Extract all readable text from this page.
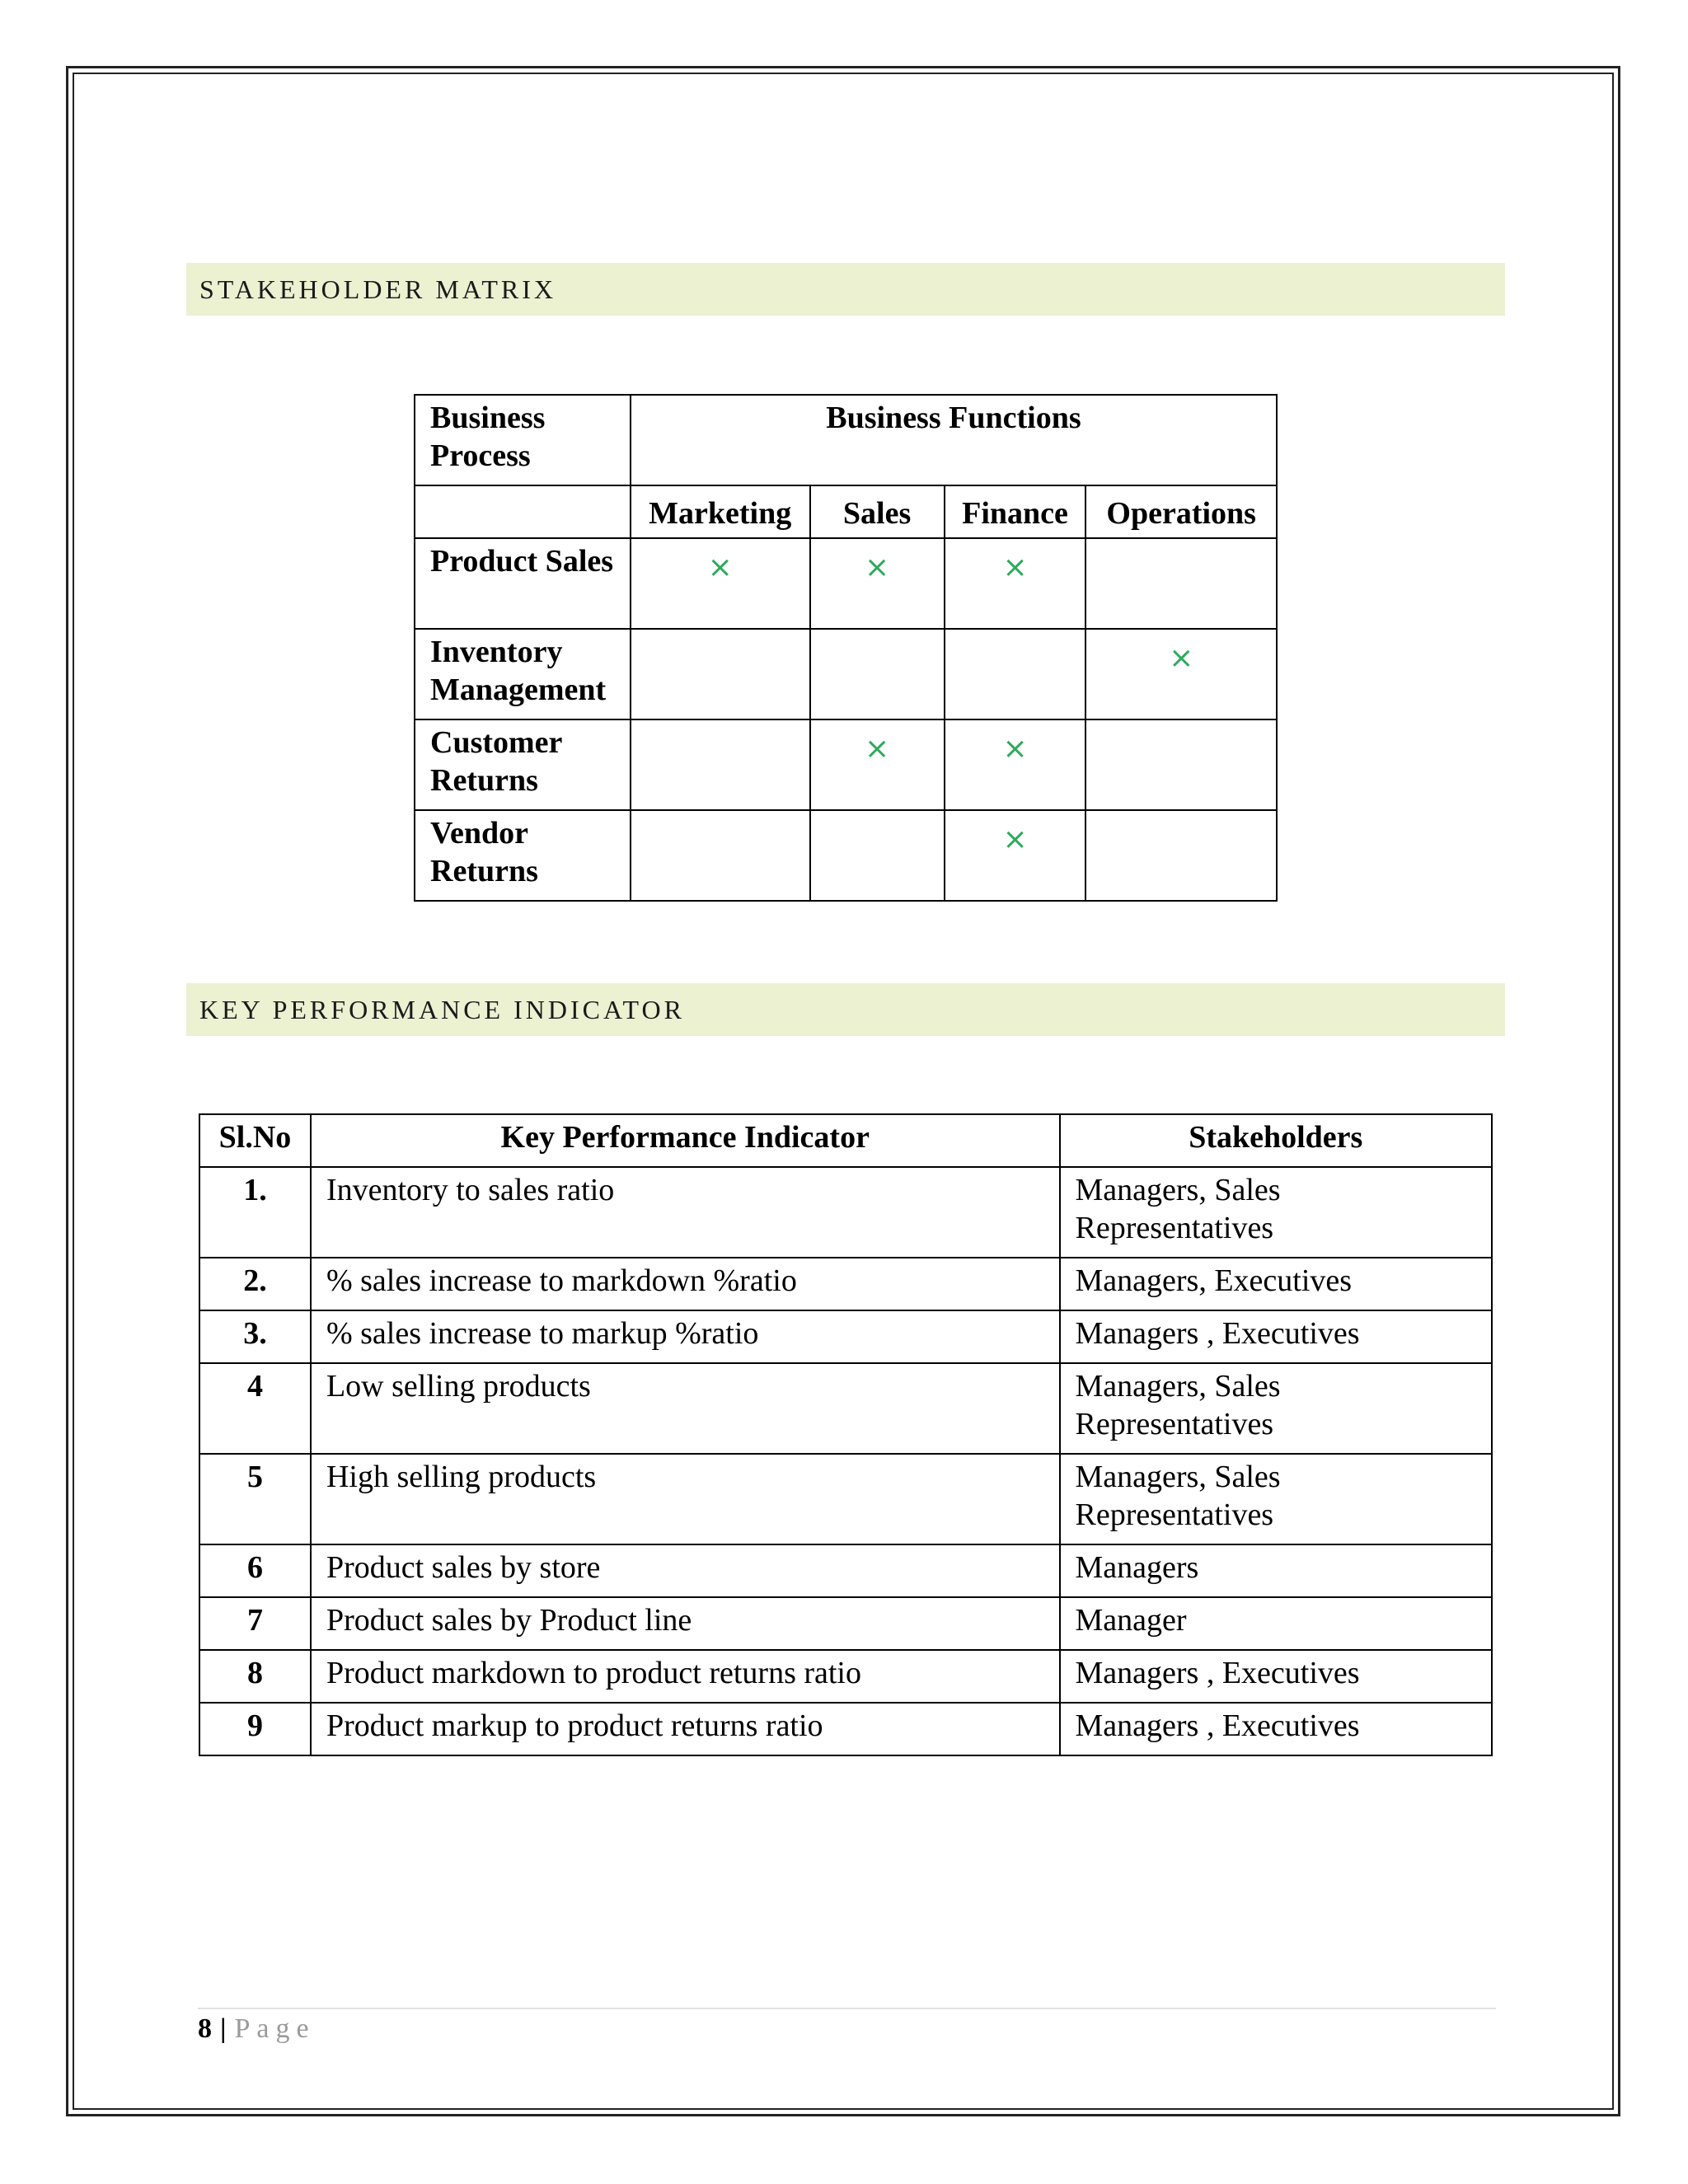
STAKEHOLDER MATRIX
Business Process	Business Functions			
	Marketing	Sales	Finance	Operations
Product Sales	×	×	×	
Inventory Management				×
Customer Returns		×	×	
Vendor Returns			×	
KEY PERFORMANCE INDICATOR
Sl.No	Key Performance Indicator	Stakeholders
1.	Inventory to sales ratio	Managers, Sales Representatives
2.	% sales increase to markdown %ratio	Managers, Executives
3.	% sales increase to markup %ratio	Managers , Executives
4	Low selling products	Managers, Sales Representatives
5	High selling products	Managers, Sales Representatives
6	Product sales by store	Managers
7	Product sales by Product line	Manager
8	Product markdown to product returns ratio	Managers , Executives
9	Product markup to product returns ratio	Managers , Executives
8 | Page
